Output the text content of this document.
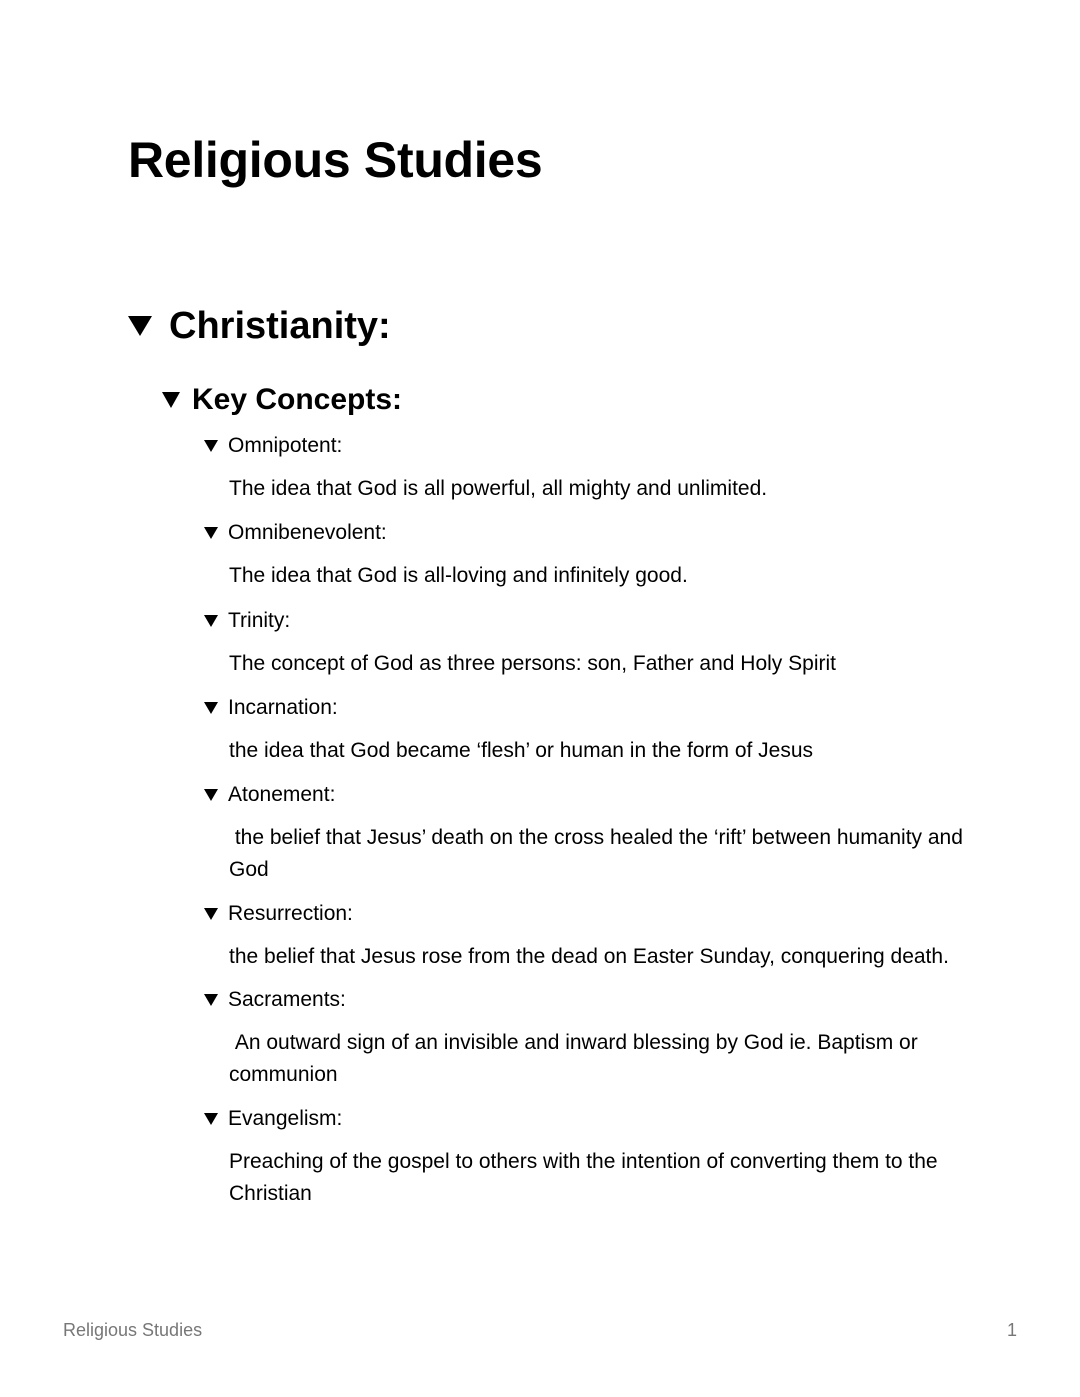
Religious Studies
Christianity:
Key Concepts:
Omnipotent:
The idea that God is all powerful, all mighty and unlimited.
Omnibenevolent:
The idea that God is all-loving and infinitely good.
Trinity:
The concept of God as three persons: son, Father and Holy Spirit
Incarnation:
the idea that God became ‘flesh’ or human in the form of Jesus
Atonement:
the belief that Jesus’ death on the cross healed the ‘rift’ between humanity and God
Resurrection:
the belief that Jesus rose from the dead on Easter Sunday, conquering death.
Sacraments:
An outward sign of an invisible and inward blessing by God ie. Baptism or communion
Evangelism:
Preaching of the gospel to others with the intention of converting them to the Christian
Religious Studies	1
